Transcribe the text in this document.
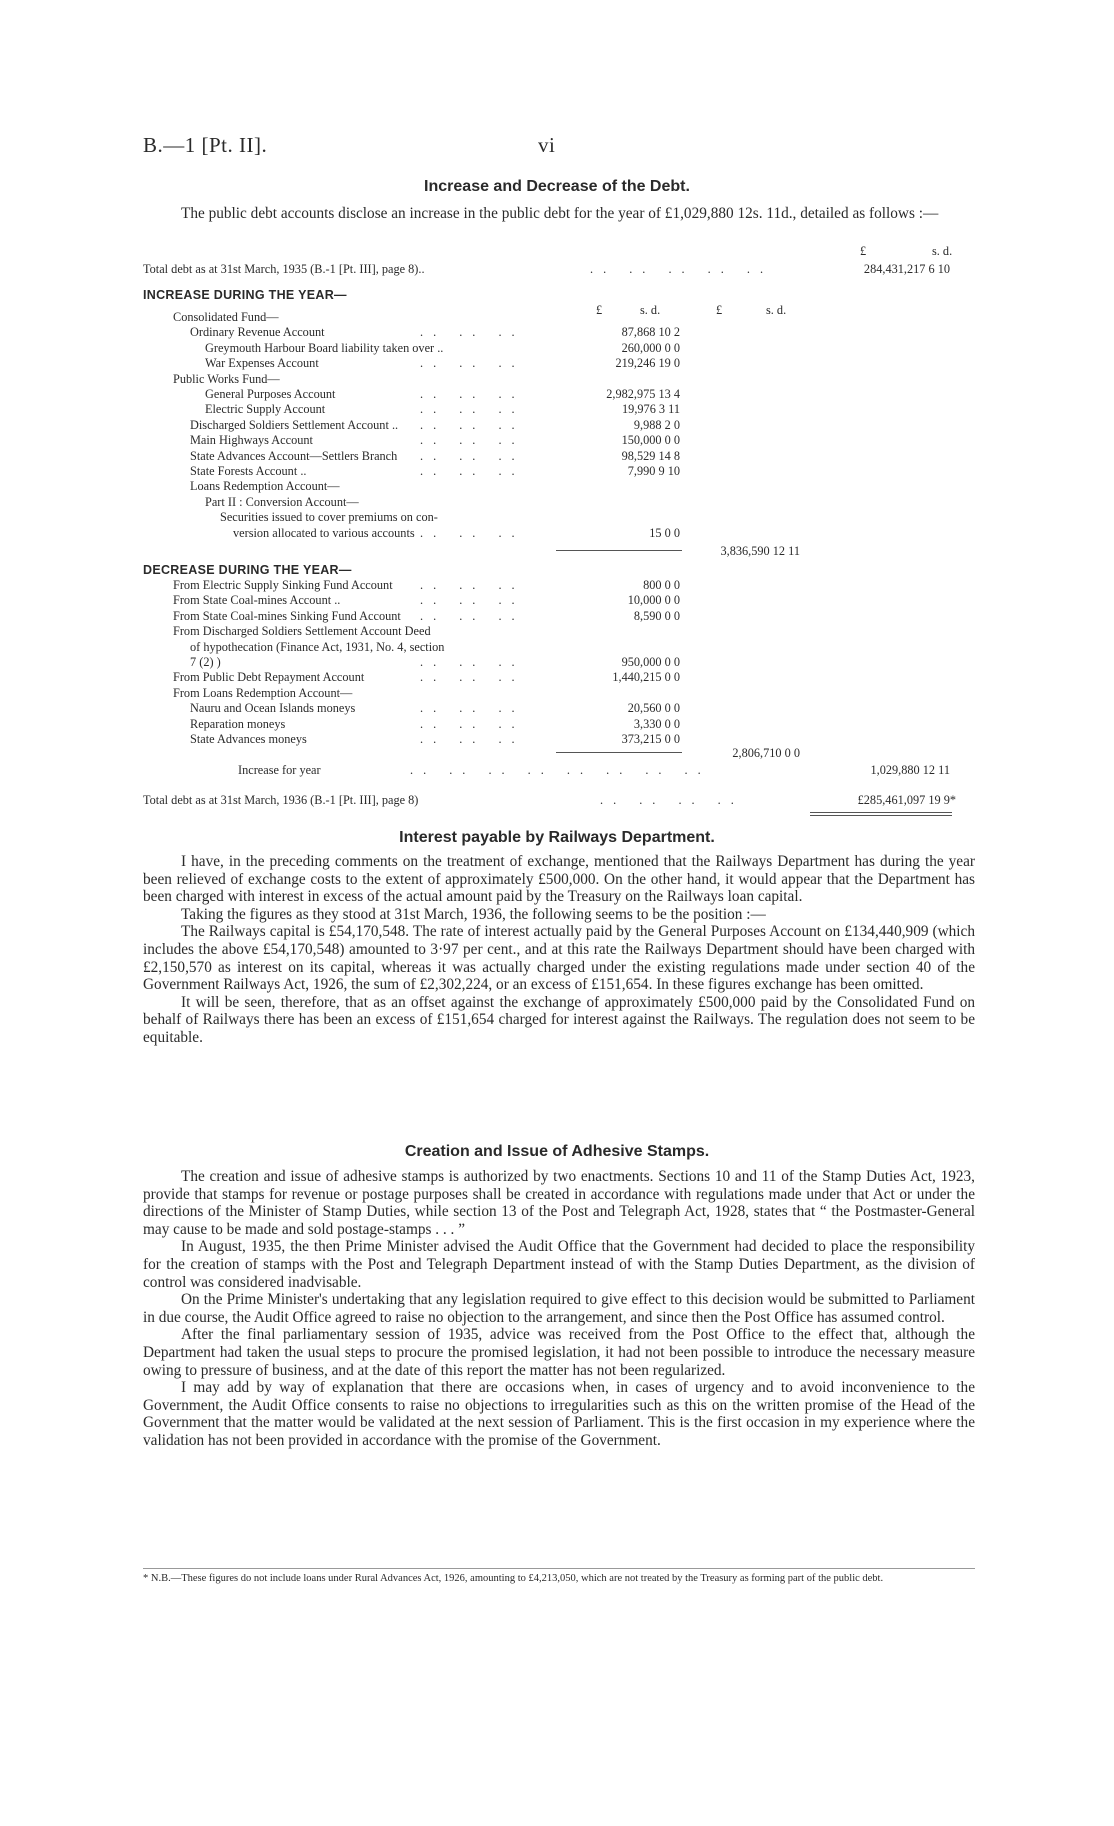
B.—1 [Pt. II].	vi
Increase and Decrease of the Debt.

The public debt accounts disclose an increase in the public debt for the year of £1,029,880 12s. 11d., detailed as follows :—

£	s. d.
Total debt as at 31st March, 1935 (B.-1 [Pt. III], page 8)..	.. .. .. .. ..	284,431,217 6 10
INCREASE DURING THE YEAR—
£	s. d.	£	s. d.
Consolidated Fund—
Ordinary Revenue Account	.. .. ..	87,868 10 2
Greymouth Harbour Board liability taken over ..	260,000 0 0
War Expenses Account	.. .. ..	219,246 19 0
Public Works Fund—
General Purposes Account	.. .. ..	2,982,975 13 4
Electric Supply Account	.. .. ..	19,976 3 11
Discharged Soldiers Settlement Account .. .. .. ..	9,988 2 0
Main Highways Account	.. .. ..	150,000 0 0
State Advances Account—Settlers Branch .. .. ..	98,529 14 8
State Forests Account ..	.. .. ..	7,990 9 10
Loans Redemption Account—
Part II : Conversion Account—
Securities issued to cover premiums on con-
version allocated to various accounts .. .. ..	15 0 0
3,836,590 12 11
DECREASE DURING THE YEAR—
From Electric Supply Sinking Fund Account .. .. ..	800 0 0
From State Coal-mines Account ..	.. .. ..	10,000 0 0
From State Coal-mines Sinking Fund Account .. .. ..	8,590 0 0
From Discharged Soldiers Settlement Account Deed
of hypothecation (Finance Act, 1931, No. 4, section
7 (2) )	.. .. ..	950,000 0 0
From Public Debt Repayment Account	.. .. ..	1,440,215 0 0
From Loans Redemption Account—
Nauru and Ocean Islands moneys	.. .. ..	20,560 0 0
Reparation moneys	.. .. ..	3,330 0 0
State Advances moneys	.. .. ..	373,215 0 0
2,806,710 0 0
Increase for year	.. .. .. .. .. .. .. ..	1,029,880 12 11
Total debt as at 31st March, 1936 (B.-1 [Pt. III], page 8)	.. .. .. ..	£285,461,097 19 9*
Interest payable by Railways Department.

I have, in the preceding comments on the treatment of exchange, mentioned that the Railways Department has during the year been relieved of exchange costs to the extent of approximately £500,000. On the other hand, it would appear that the Department has been charged with interest in excess of the actual amount paid by the Treasury on the Railways loan capital.

Taking the figures as they stood at 31st March, 1936, the following seems to be the position :—

The Railways capital is £54,170,548. The rate of interest actually paid by the General Purposes Account on £134,440,909 (which includes the above £54,170,548) amounted to 3·97 per cent., and at this rate the Railways Department should have been charged with £2,150,570 as interest on its capital, whereas it was actually charged under the existing regulations made under section 40 of the Government Railways Act, 1926, the sum of £2,302,224, or an excess of £151,654. In these figures exchange has been omitted.

It will be seen, therefore, that as an offset against the exchange of approximately £500,000 paid by the Consolidated Fund on behalf of Railways there has been an excess of £151,654 charged for interest against the Railways. The regulation does not seem to be equitable.

Creation and Issue of Adhesive Stamps.

The creation and issue of adhesive stamps is authorized by two enactments. Sections 10 and 11 of the Stamp Duties Act, 1923, provide that stamps for revenue or postage purposes shall be created in accordance with regulations made under that Act or under the directions of the Minister of Stamp Duties, while section 13 of the Post and Telegraph Act, 1928, states that “ the Postmaster-General may cause to be made and sold postage-stamps . . . ”

In August, 1935, the then Prime Minister advised the Audit Office that the Government had decided to place the responsibility for the creation of stamps with the Post and Telegraph Department instead of with the Stamp Duties Department, as the division of control was considered inadvisable.

On the Prime Minister's undertaking that any legislation required to give effect to this decision would be submitted to Parliament in due course, the Audit Office agreed to raise no objection to the arrangement, and since then the Post Office has assumed control.

After the final parliamentary session of 1935, advice was received from the Post Office to the effect that, although the Department had taken the usual steps to procure the promised legislation, it had not been possible to introduce the necessary measure owing to pressure of business, and at the date of this report the matter has not been regularized.

I may add by way of explanation that there are occasions when, in cases of urgency and to avoid inconvenience to the Government, the Audit Office consents to raise no objections to irregularities such as this on the written promise of the Head of the Government that the matter would be validated at the next session of Parliament. This is the first occasion in my experience where the validation has not been provided in accordance with the promise of the Government.

* N.B.—These figures do not include loans under Rural Advances Act, 1926, amounting to £4,213,050, which are not treated by the Treasury as forming part of the public debt.
